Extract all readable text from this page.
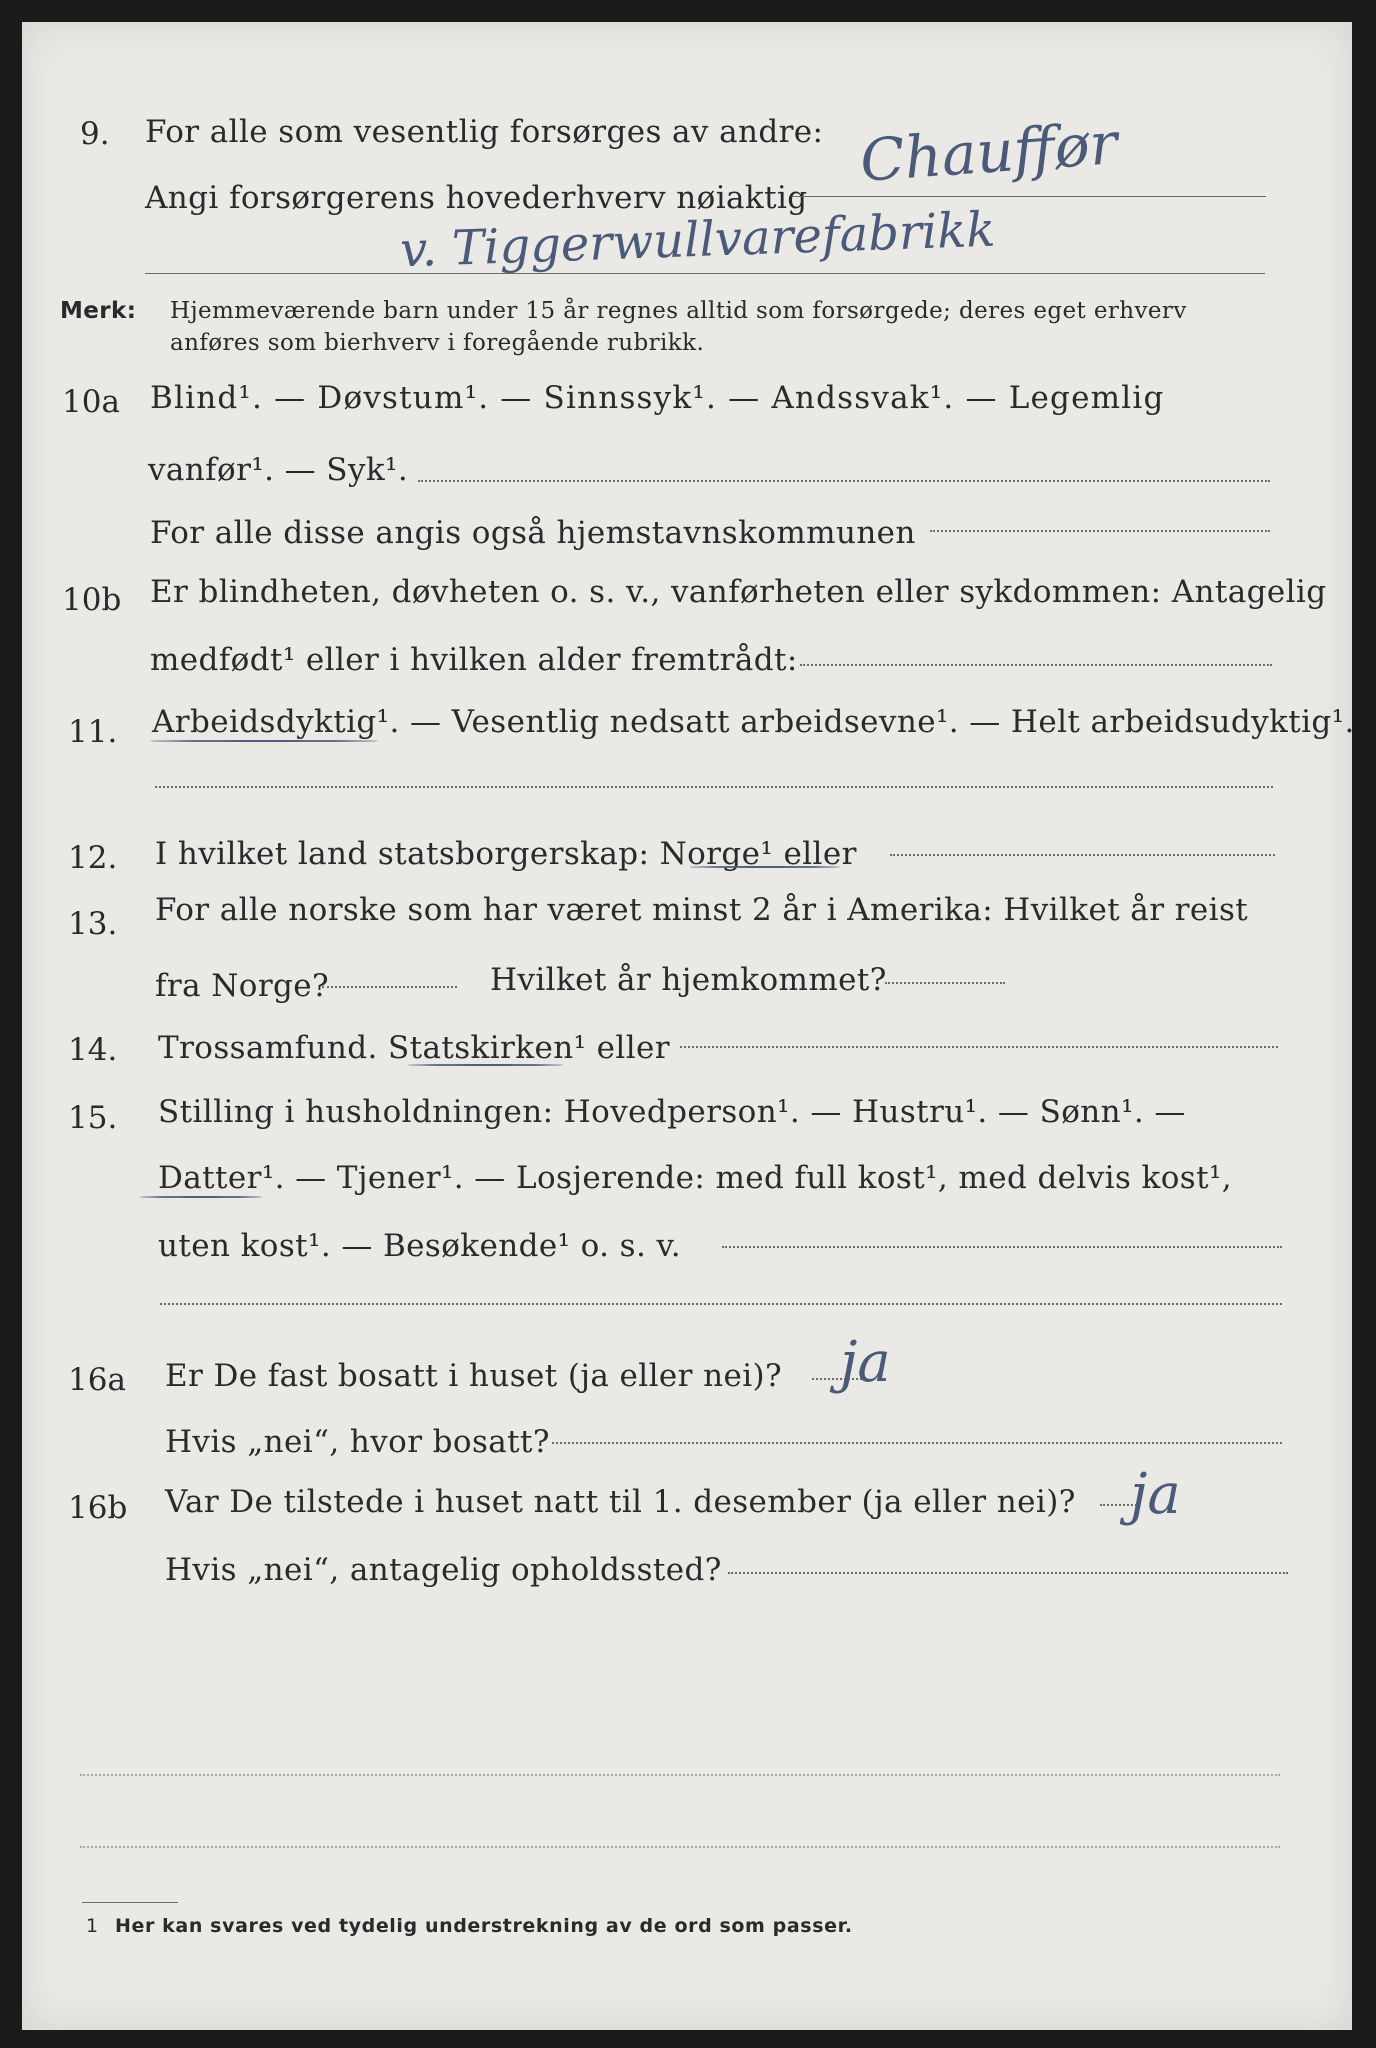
9. For alle som vesentlig forsørges av andre:
Angi forsørgerens hovederhverv nøiaktig
Chauffør
v. Tiggerwullvarefabrikk
Merk: Hjemmeværende barn under 15 år regnes alltid som forsørgede; deres eget erhverv
anføres som bierhverv i foregående rubrikk.
10a Blind¹. — Døvstum¹. — Sinnssyk¹. — Andssvak¹. — Legemlig
vanfør¹. — Syk¹.
For alle disse angis også hjemstavnskommunen
10b Er blindheten, døvheten o. s. v., vanførheten eller sykdommen: Antagelig
medfødt¹ eller i hvilken alder fremtrådt:
11. Arbeidsdyktig¹. — Vesentlig nedsatt arbeidsevne¹. — Helt arbeidsudyktig¹.
12. I hvilket land statsborgerskap: Norge¹ eller
13. For alle norske som har været minst 2 år i Amerika: Hvilket år reist
fra Norge?	Hvilket år hjemkommet?
14. Trossamfund. Statskirken¹ eller
15. Stilling i husholdningen: Hovedperson¹. — Hustru¹. — Sønn¹. —
Datter¹. — Tjener¹. — Losjerende: med full kost¹, med delvis kost¹,
uten kost¹. — Besøkende¹ o. s. v.
16a Er De fast bosatt i huset (ja eller nei)? ja
Hvis „nei“, hvor bosatt?
16b Var De tilstede i huset natt til 1. desember (ja eller nei)? ja
Hvis „nei“, antagelig opholdssted?
1 Her kan svares ved tydelig understrekning av de ord som passer.
